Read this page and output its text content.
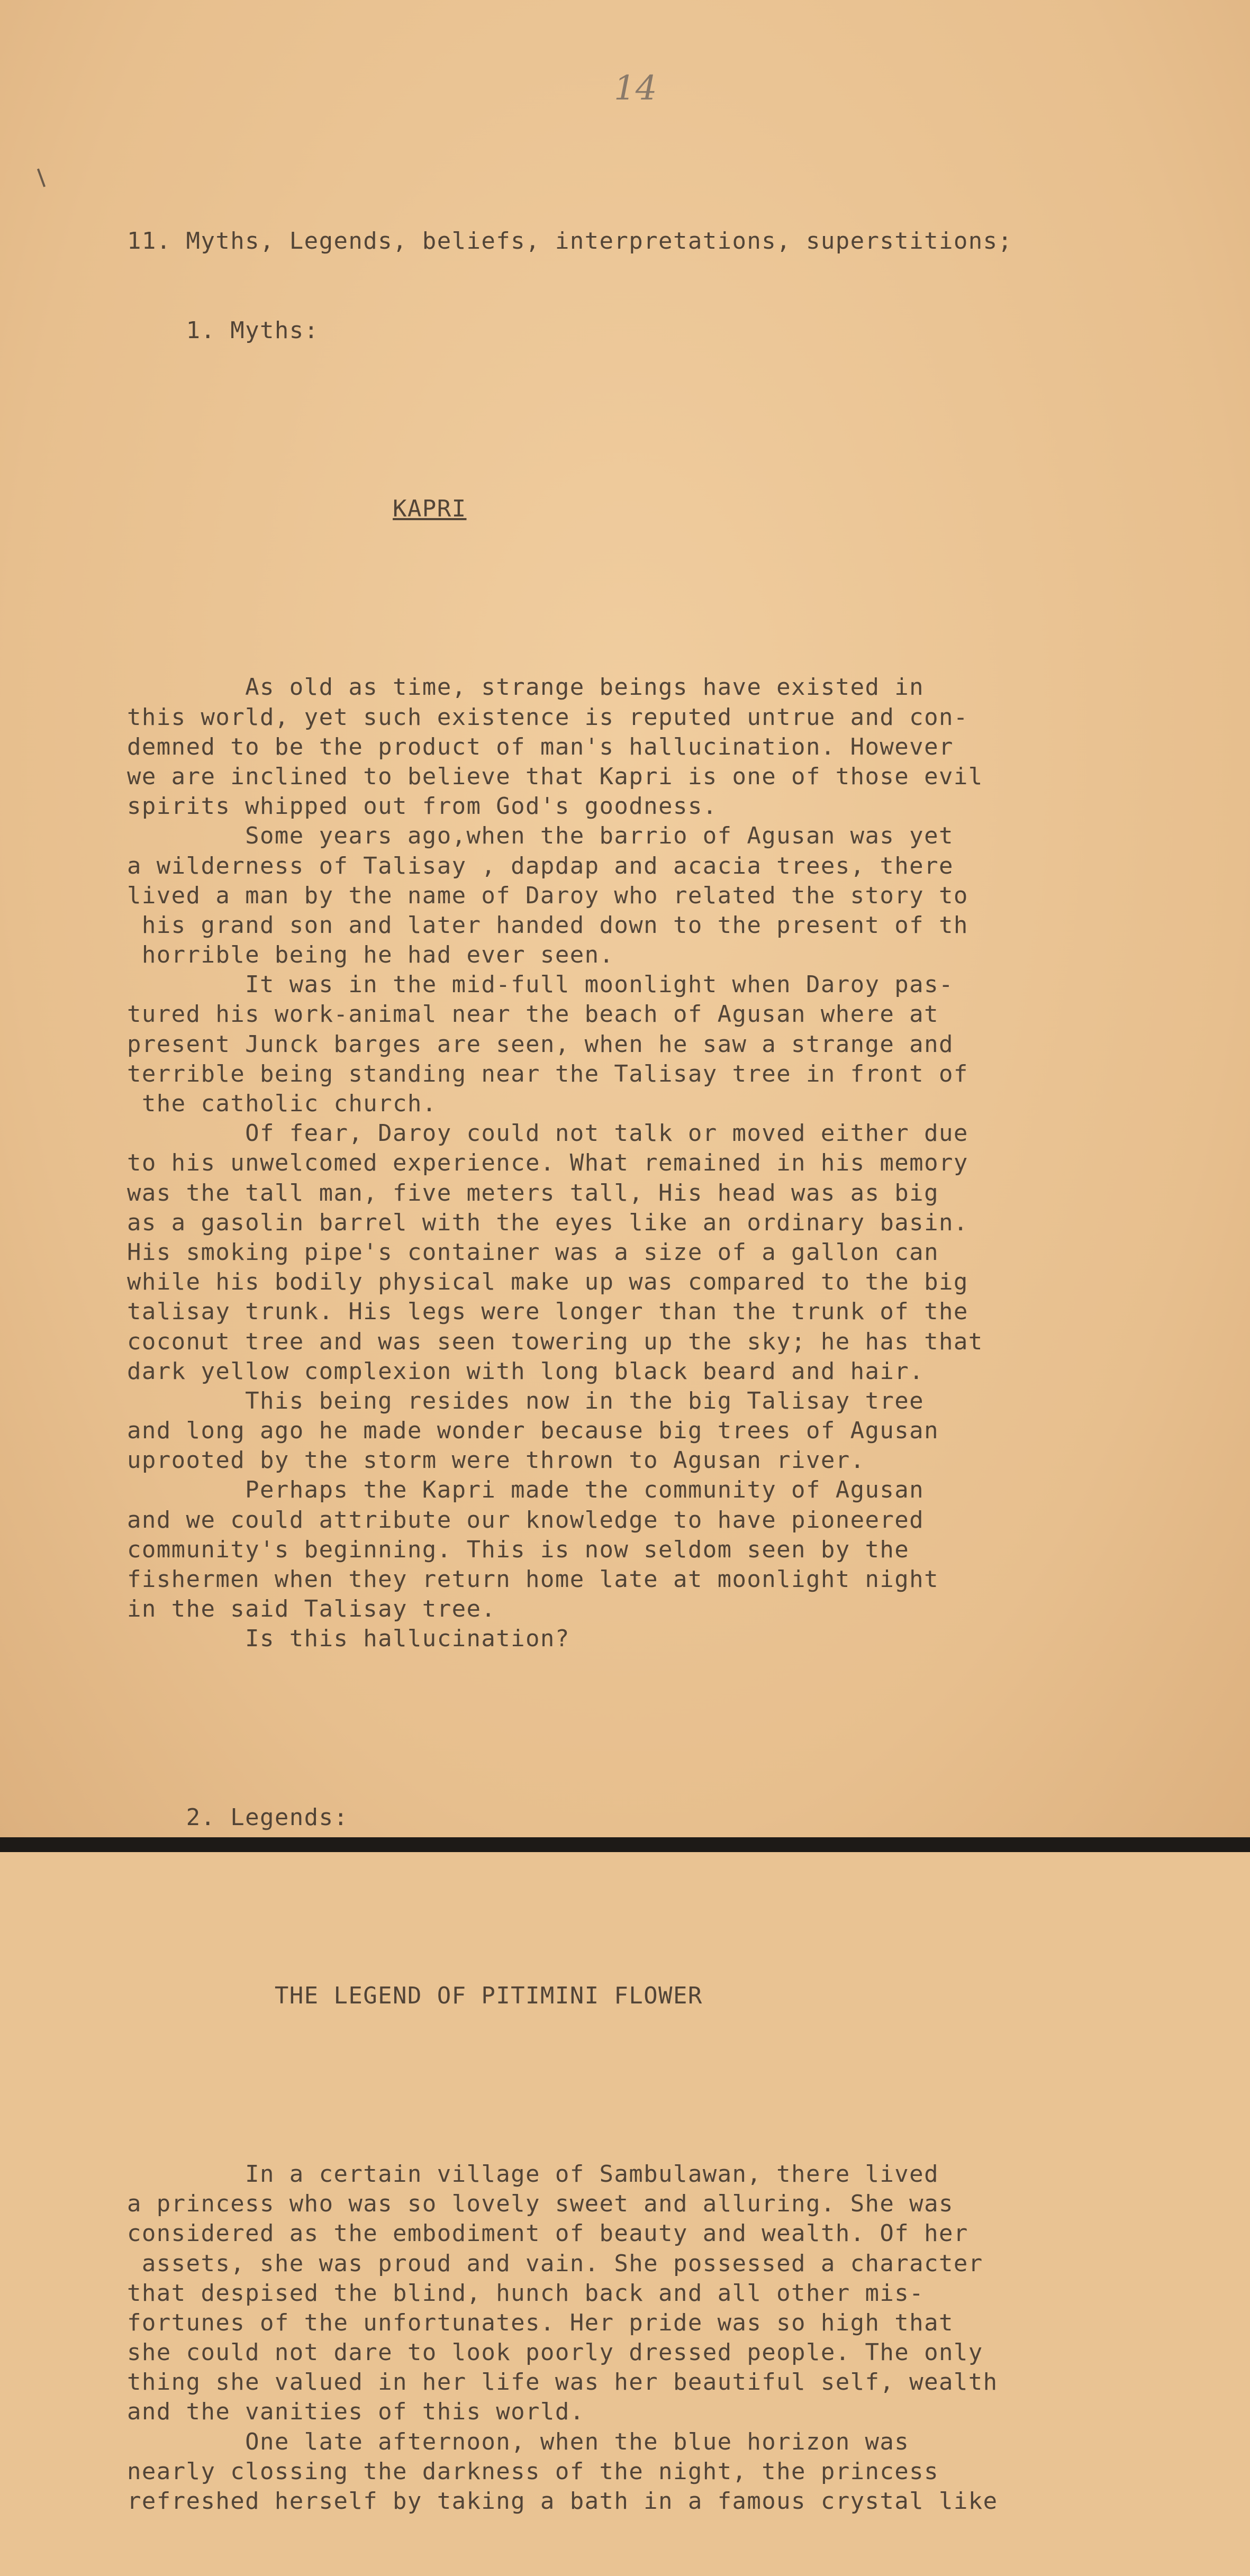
14

11. Myths, Legends, beliefs, interpretations, superstitions;

1. Myths:

KAPRI

As old as time, strange beings have existed in
this world, yet such existence is reputed untrue and con-
demned to be the product of man's hallucination. However
we are inclined to believe that Kapri is one of those evil
spirits whipped out from God's goodness.
Some years ago,when the barrio of Agusan was yet
a wilderness of Talisay , dapdap and acacia trees, there
lived a man by the name of Daroy who related the story to
his grand son and later handed down to the present of th
horrible being he had ever seen.
It was in the mid-full moonlight when Daroy pas-
tured his work-animal near the beach of Agusan where at
present Junck barges are seen, when he saw a strange and
terrible being standing near the Talisay tree in front of
the catholic church.
Of fear, Daroy could not talk or moved either due
to his unwelcomed experience. What remained in his memory
was the tall man, five meters tall, His head was as big
as a gasolin barrel with the eyes like an ordinary basin.
His smoking pipe's container was a size of a gallon can
while his bodily physical make up was compared to the big
talisay trunk. His legs were longer than the trunk of the
coconut tree and was seen towering up the sky; he has that
dark yellow complexion with long black beard and hair.
This being resides now in the big Talisay tree
and long ago he made wonder because big trees of Agusan
uprooted by the storm were thrown to Agusan river.
Perhaps the Kapri made the community of Agusan
and we could attribute our knowledge to have pioneered
community's beginning. This is now seldom seen by the
fishermen when they return home late at moonlight night
in the said Talisay tree.
Is this hallucination?

2. Legends:

THE LEGEND OF PITIMINI FLOWER

In a certain village of Sambulawan, there lived
a princess who was so lovely sweet and alluring. She was
considered as the embodiment of beauty and wealth. Of her
assets, she was proud and vain. She possessed a character
that despised the blind, hunch back and all other mis-
fortunes of the unfortunates. Her pride was so high that
she could not dare to look poorly dressed people. The only
thing she valued in her life was her beautiful self, wealth
and the vanities of this world.
One late afternoon, when the blue horizon was
nearly clossing the darkness of the night, the princess
refreshed herself by taking a bath in a famous crystal like
